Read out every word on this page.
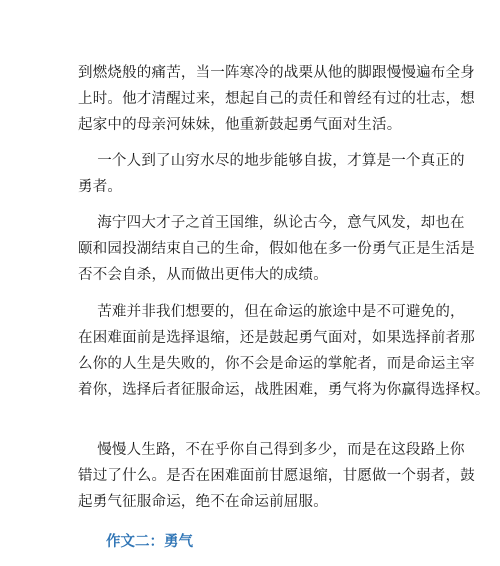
到燃烧般的痛苦，当一阵寒冷的战栗从他的脚跟慢慢遍布全身
上时。他才清醒过来，想起自己的责任和曾经有过的壮志，想
起家中的母亲河妹妹，他重新鼓起勇气面对生活。
一个人到了山穷水尽的地步能够自拔，才算是一个真正的
勇者。
海宁四大才子之首王国维，纵论古今，意气风发，却也在
颐和园投湖结束自己的生命，假如他在多一份勇气正是生活是
否不会自杀，从而做出更伟大的成绩。
苦难并非我们想要的，但在命运的旅途中是不可避免的，
在困难面前是选择退缩，还是鼓起勇气面对，如果选择前者那
么你的人生是失败的，你不会是命运的掌舵者，而是命运主宰
着你，选择后者征服命运，战胜困难，勇气将为你赢得选择权。
慢慢人生路，不在乎你自己得到多少，而是在这段路上你
错过了什么。是否在困难面前甘愿退缩，甘愿做一个弱者，鼓
起勇气征服命运，绝不在命运前屈服。
作文二：勇气
